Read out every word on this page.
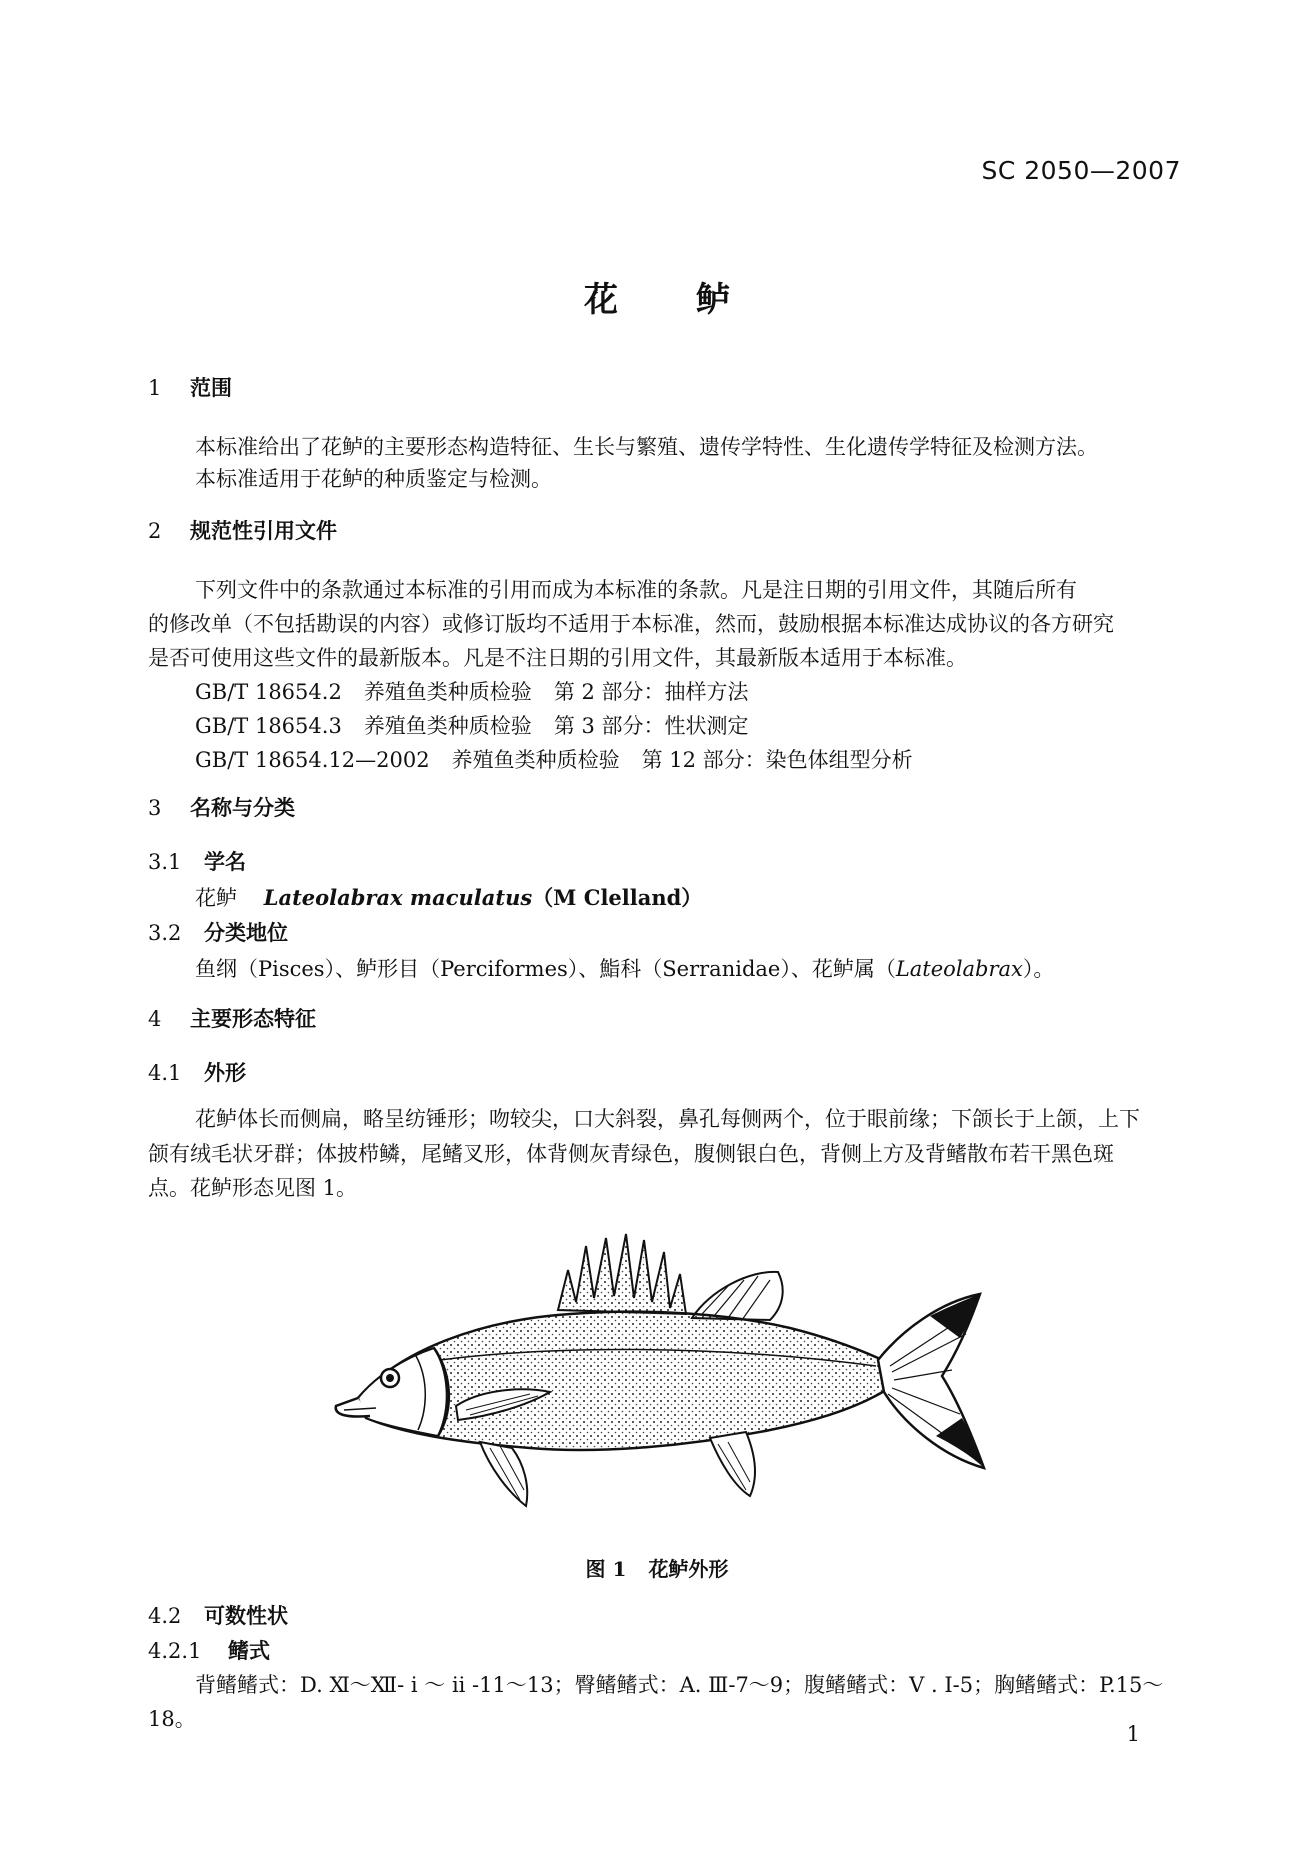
SC 2050—2007
花 鲈
1 范围
本标准给出了花鲈的主要形态构造特征、生长与繁殖、遗传学特性、生化遗传学特征及检测方法。
本标准适用于花鲈的种质鉴定与检测。
2 规范性引用文件
下列文件中的条款通过本标准的引用而成为本标准的条款。凡是注日期的引用文件，其随后所有
的修改单（不包括勘误的内容）或修订版均不适用于本标准，然而，鼓励根据本标准达成协议的各方研究
是否可使用这些文件的最新版本。凡是不注日期的引用文件，其最新版本适用于本标准。
GB/T 18654.2 养殖鱼类种质检验 第 2 部分：抽样方法
GB/T 18654.3 养殖鱼类种质检验 第 3 部分：性状测定
GB/T 18654.12—2002 养殖鱼类种质检验 第 12 部分：染色体组型分析
3 名称与分类
3.1 学名
花鲈 Lateolabrax maculatus（M Clelland）
3.2 分类地位
鱼纲（Pisces）、鲈形目（Perciformes）、鮨科（Serranidae）、花鲈属（Lateolabrax）。
4 主要形态特征
4.1 外形
花鲈体长而侧扁，略呈纺锤形；吻较尖，口大斜裂，鼻孔每侧两个，位于眼前缘；下颌长于上颌，上下
颌有绒毛状牙群；体披栉鳞，尾鳍叉形，体背侧灰青绿色，腹侧银白色，背侧上方及背鳍散布若干黑色斑
点。花鲈形态见图 1。
图 1 花鲈外形
4.2 可数性状
4.2.1 鳍式
背鳍鳍式：D. Ⅺ～Ⅻ- i ～ ii -11～13；臀鳍鳍式：A. Ⅲ-7～9；腹鳍鳍式：V . Ⅰ-5；胸鳍鳍式：P.15～
18。
1
